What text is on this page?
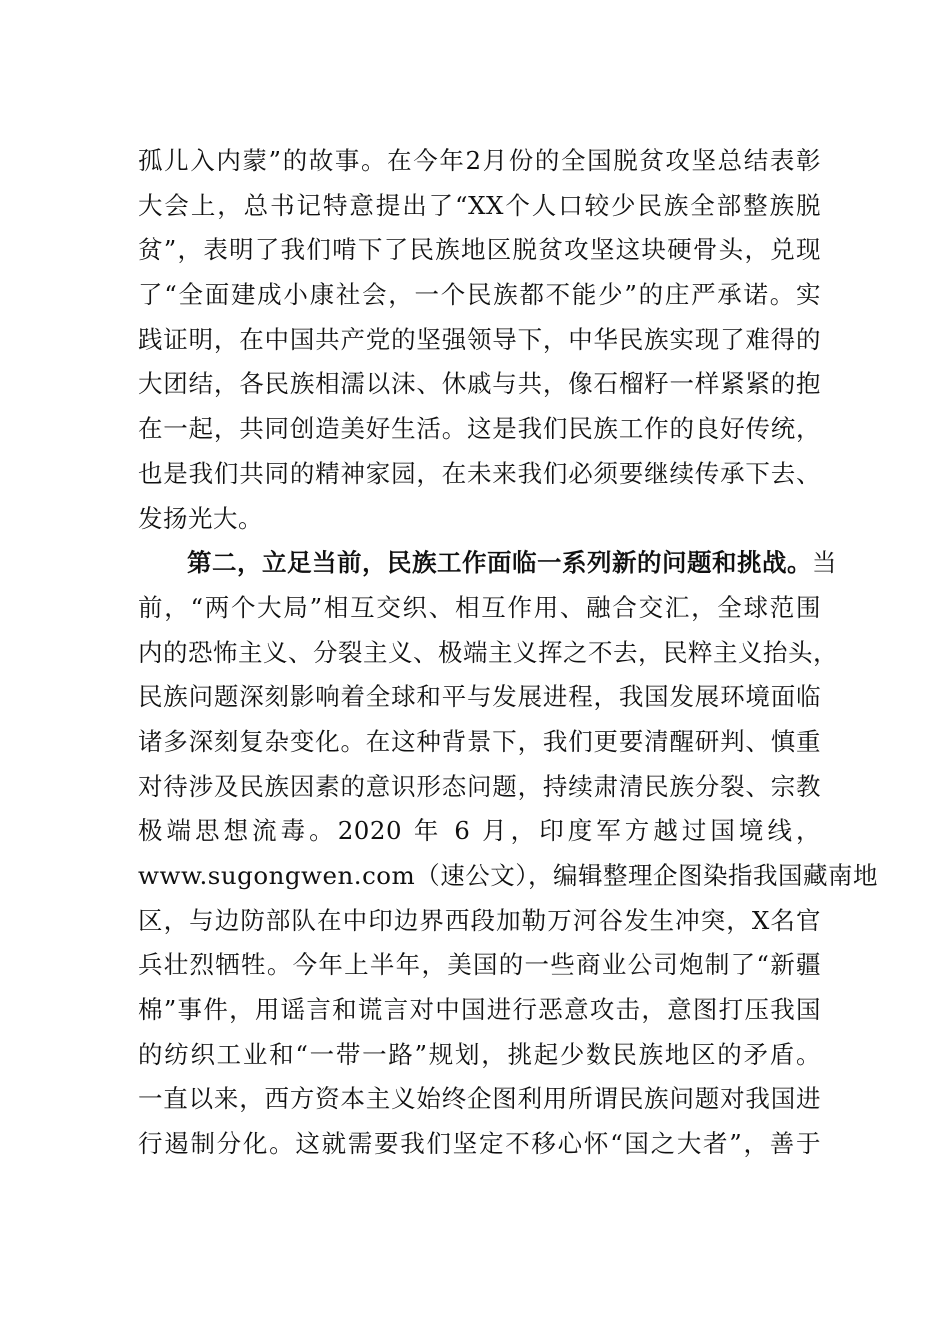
孤儿入内蒙”的故事。在今年2月份的全国脱贫攻坚总结表彰
大会上，总书记特意提出了“XX个人口较少民族全部整族脱
贫”，表明了我们啃下了民族地区脱贫攻坚这块硬骨头，兑现
了“全面建成小康社会，一个民族都不能少”的庄严承诺。实
践证明，在中国共产党的坚强领导下，中华民族实现了难得的
大团结，各民族相濡以沫、休戚与共，像石榴籽一样紧紧的抱
在一起，共同创造美好生活。这是我们民族工作的良好传统，
也是我们共同的精神家园，在未来我们必须要继续传承下去、
发扬光大。
第二，立足当前，民族工作面临一系列新的问题和挑战。当
前，“两个大局”相互交织、相互作用、融合交汇，全球范围
内的恐怖主义、分裂主义、极端主义挥之不去，民粹主义抬头，
民族问题深刻影响着全球和平与发展进程，我国发展环境面临
诸多深刻复杂变化。在这种背景下，我们更要清醒研判、慎重
对待涉及民族因素的意识形态问题，持续肃清民族分裂、宗教
极端思想流毒。2020 年 6 月，印度军方越过国境线，
www.sugongwen.com（速公文），编辑整理企图染指我国藏南地
区，与边防部队在中印边界西段加勒万河谷发生冲突，X名官
兵壮烈牺牲。今年上半年，美国的一些商业公司炮制了“新疆
棉”事件，用谣言和谎言对中国进行恶意攻击，意图打压我国
的纺织工业和“一带一路”规划，挑起少数民族地区的矛盾。
一直以来，西方资本主义始终企图利用所谓民族问题对我国进
行遏制分化。这就需要我们坚定不移心怀“国之大者”，善于
